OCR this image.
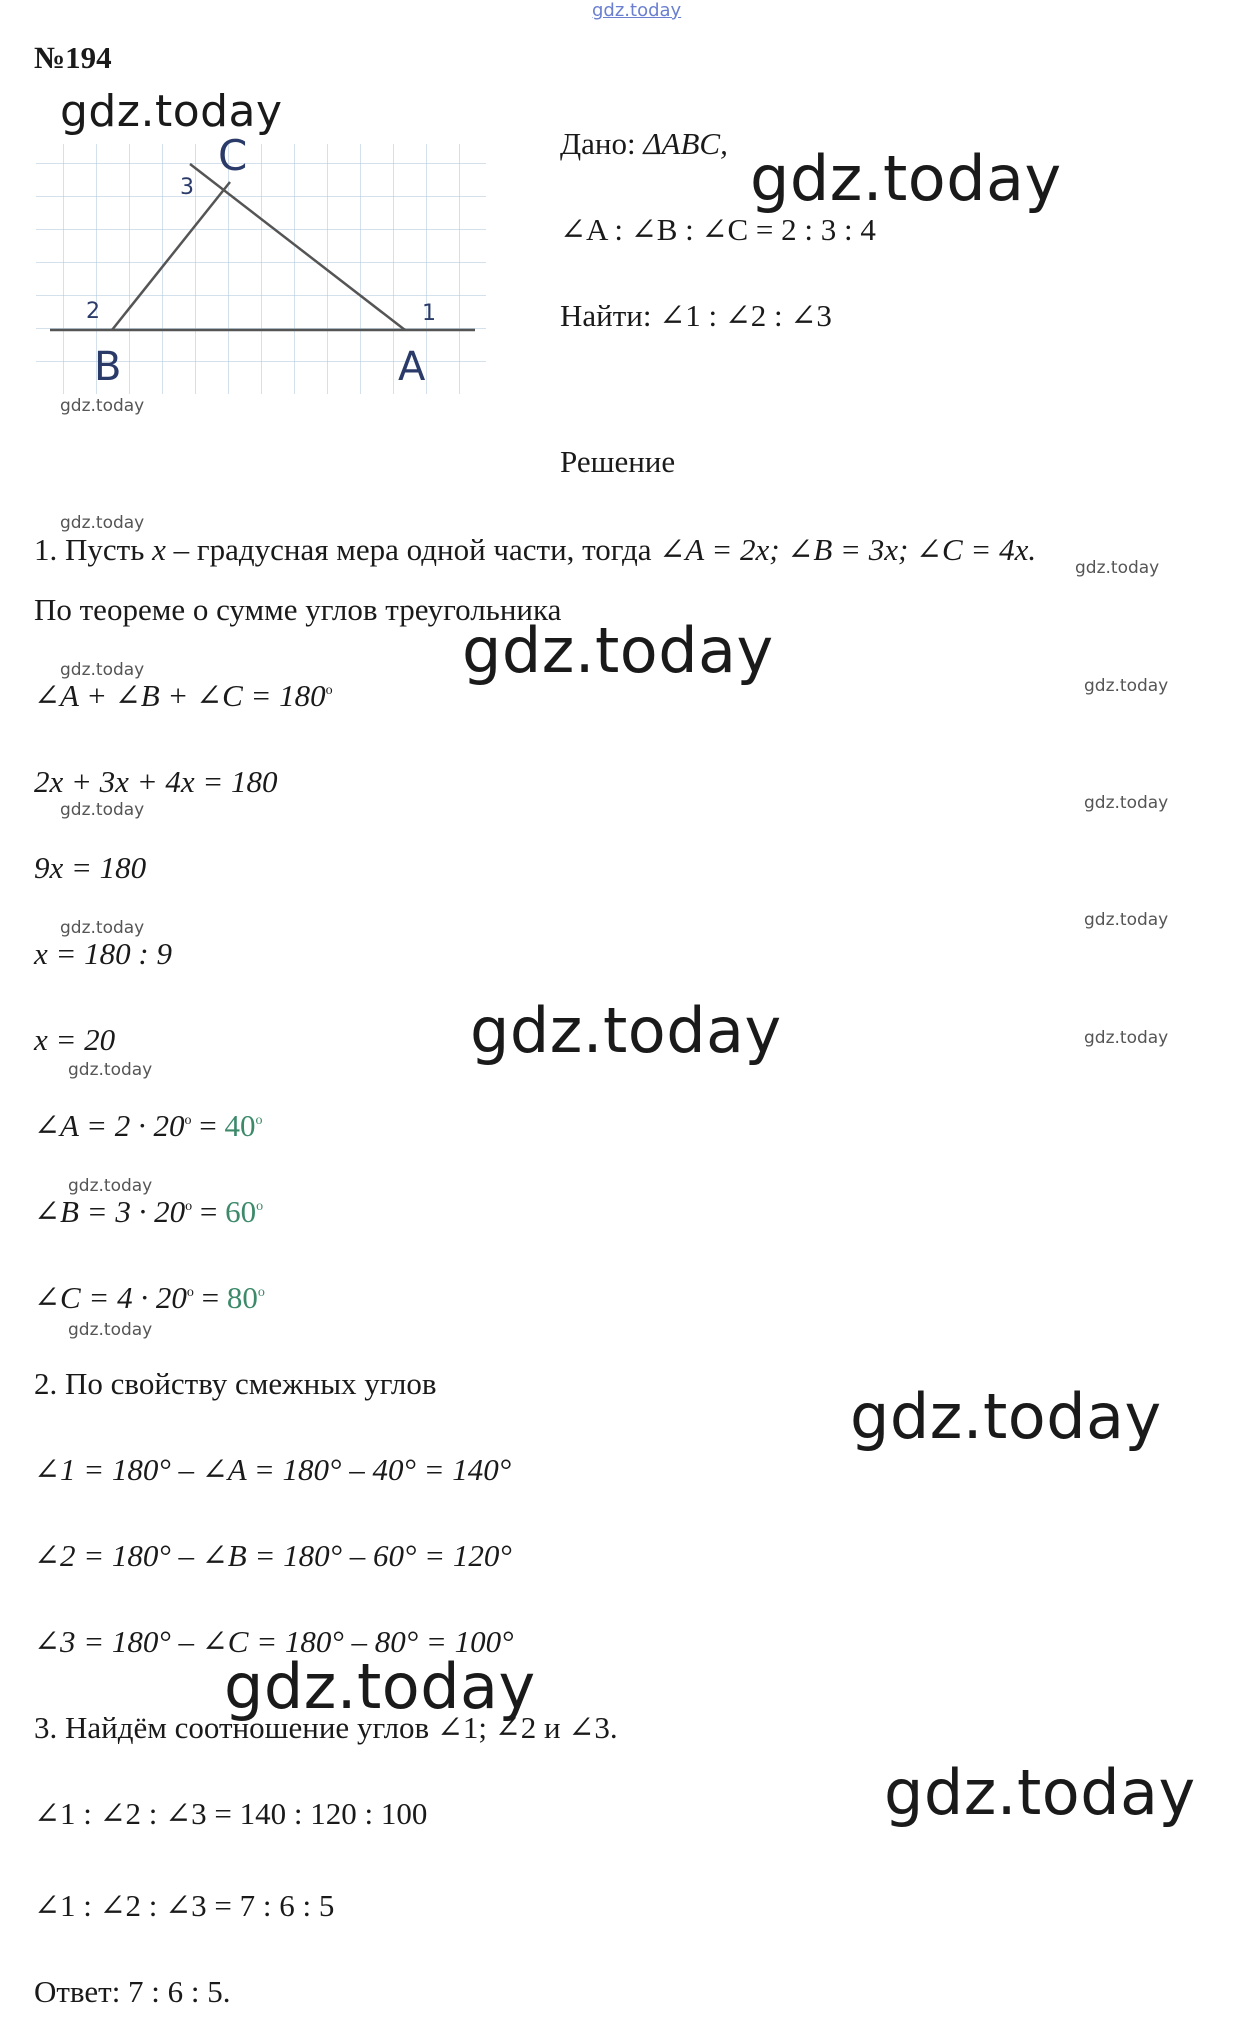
gdz.today
№194
gdz.today
C
B	A
1
2
3
gdz.today
Дано: ΔABC, gdz.today
∠A : ∠B : ∠C = 2 : 3 : 4
Найти: ∠1 : ∠2 : ∠3
Решение
gdz.today
1. Пусть x – градусная мера одной части, тогда ∠A = 2x; ∠B = 3x; ∠C = 4x.
gdz.today
По теореме о сумме углов треугольника
gdz.today
gdz.today
∠A + ∠B + ∠C = $180^o$	gdz.today
2x + 3x + 4x = 180
gdz.today	gdz.today
9x = 180
gdz.today	gdz.today
x = 180 : 9
gdz.today
x = 20	gdz.today
gdz.today
∠A = $2 \cdot 20^o = 40^o$
gdz.today
∠B = $3 \cdot 20^o = 60^o$
∠C = $4 \cdot 20^o = 80^o$
gdz.today
2. По свойству смежных углов	gdz.today
∠1 = 180° – ∠A = 180° – 40° = 140°
∠2 = 180° – ∠B = 180° – 60° = 120°
∠3 = 180° – ∠C = 180° – 80° = 100°
gdz.today
3. Найдём соотношение углов ∠1; ∠2 и ∠3.
gdz.today
∠1 : ∠2 : ∠3 = 140 : 120 : 100
∠1 : ∠2 : ∠3 = 7 : 6 : 5
Ответ: 7 : 6 : 5.
